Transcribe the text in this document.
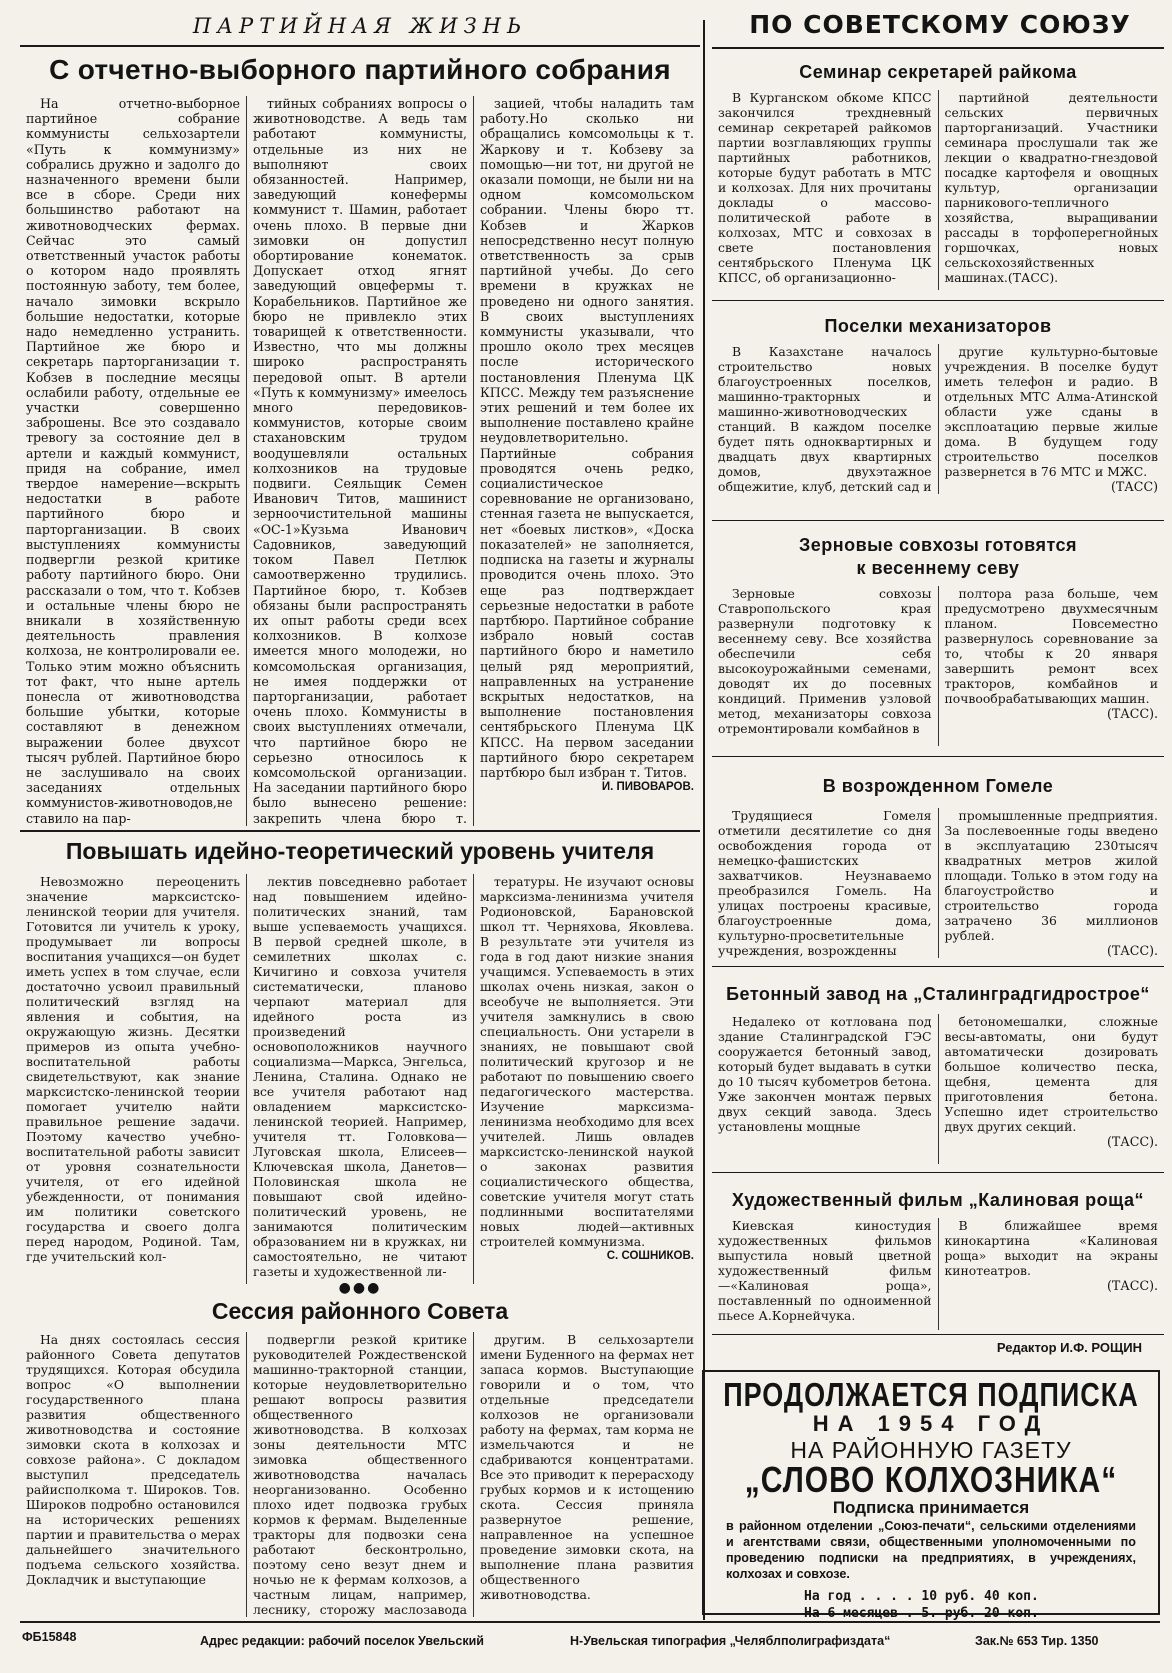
ПАРТИЙНАЯ ЖИЗНЬ	ПО СОВЕТСКОМУ СОЮЗУ
С отчетно-выборного партийного собрания

На отчетно-выборное партийное собрание коммунисты сельхозартели «Путь к коммунизму» собрались дружно и задолго до назначенного времени были все в сборе. Среди них большинство работают на животноводческих фермах. Сейчас это самый ответственный участок работы о котором надо проявлять постоянную заботу, тем более, начало зимовки вскрыло большие недостатки, которые надо немедленно устранить. Партийное же бюро и секретарь парторганизации т. Кобзев в последние месяцы ослабили работу, отдельные ее участки совершенно заброшены. Все это создавало тревогу за состояние дел в артели и каждый коммунист, придя на собрание, имел твердое намерение—вскрыть недостатки в работе партийного бюро и парторганизации. В своих выступлениях коммунисты подвергли резкой критике работу партийного бюро. Они рассказали о том, что т. Кобзев и остальные члены бюро не вникали в хозяйственную деятельность правления колхоза, не контролировали ее. Только этим можно объяснить тот факт, что ныне артель понесла от животноводства большие убытки, которые составляют в денежном выражении более двухсот тысяч рублей. Партийное бюро не заслушивало на своих заседаниях отдельных коммунистов-животноводов,не ставило на пар-

тийных собраниях вопросы о животноводстве. А ведь там работают коммунисты, отдельные из них не выполняют своих обязанностей. Например, заведующий конефермы коммунист т. Шамин, работает очень плохо. В первые дни зимовки он допустил обортирование конематок. Допускает отход ягнят заведующий овцефермы т. Корабельников. Партийное же бюро не привлекло этих товарищей к ответственности. Известно, что мы должны широко распространять передовой опыт. В артели «Путь к коммунизму» имеелось много передовиков-коммунистов, которые своим стахановским трудом воодушевляли остальных колхозников на трудовые подвиги. Сеяльщик Семен Иванович Титов, машинист зерноочистительной машины «ОС-1»Кузьма Иванович Садовников, заведующий током Павел Петлюк самоотверженно трудились. Партийное бюро, т. Кобзев обязаны были распространять их опыт работы среди всех колхозников. В колхозе имеется много молодежи, но комсомольская организация, не имея поддержки от парторганизации, работает очень плохо. Коммунисты в своих выступлениях отмечали, что партийное бюро не серьезно относилось к комсомольской организации. На заседании партийного бюро было вынесено решение: закрепить члена бюро т.

зацией, чтобы наладить там работу.Но сколько ни обращались комсомольцы к т. Жаркову и т. Кобзеву за помощью—ни тот, ни другой не оказали помощи, не были ни на одном комсомольском собрании. Члены бюро тт. Кобзев и Жарков непосредственно несут полную ответственность за срыв партийной учебы. До сего времени в кружках не проведено ни одного занятия. В своих выступлениях коммунисты указывали, что прошло около трех месяцев после исторического постановления Пленума ЦК КПСС. Между тем разъяснение этих решений и тем более их выполнение поставлено крайне неудовлетворительно. Партийные собрания проводятся очень редко, социалистическое соревнование не организовано, стенная газета не выпускается, нет «боевых листков», «Доска показателей» не заполняется, подписка на газеты и журналы проводится очень плохо. Это еще раз подтверждает серьезные недостатки в работе партбюро. Партийное собрание избрало новый состав партийного бюро и наметило целый ряд мероприятий, направленных на устранение вскрытых недостатков, на выполнение постановления сентябрьского Пленума ЦК КПСС. На первом заседании партийного бюро секретарем партбюро был избран т. Титов.

И. ПИВОВАРОВ.
Повышать идейно-теоретический уровень учителя

Невозможно переоценить значение марксистско-ленинской теории для учителя. Готовится ли учитель к уроку, продумывает ли вопросы воспитания учащихся—он будет иметь успех в том случае, если достаточно усвоил правильный политический взгляд на явления и события, на окружающую жизнь. Десятки примеров из опыта учебно-воспитательной работы свидетельствуют, как знание марксистско-ленинской теории помогает учителю найти правильное решение задачи. Поэтому качество учебно-воспитательной работы зависит от уровня сознательности учителя, от его идейной убежденности, от понимания им политики советского государства и своего долга перед народом, Родиной. Там, где учительский кол-

лектив повседневно работает над повышением идейно-политических знаний, там выше успеваемость учащихся. В первой средней школе, в семилетних школах с. Кичигино и совхоза учителя систематически, планово черпают материал для идейного роста из произведений основоположников научного социализма—Маркса, Энгельса, Ленина, Сталина. Однако не все учителя работают над овладением марксистско-ленинской теорией. Например, учителя тт. Головкова—Луговская школа, Елисеев—Ключевская школа, Данетов—Половинская школа не повышают свой идейно-политический уровень, не занимаются политическим образованием ни в кружках, ни самостоятельно, не читают газеты и художественной ли-

тературы. Не изучают основы марксизма-ленинизма учителя Родионовской, Барановской школ тт. Черняхова, Яковлева. В результате эти учителя из года в год дают низкие знания учащимся. Успеваемость в этих школах очень низкая, закон о всеобуче не выполняется. Эти учителя замкнулись в свою специальность. Они устарели в знаниях, не повышают свой политический кругозор и не работают по повышению своего педагогического мастерства. Изучение марксизма-ленинизма необходимо для всех учителей. Лишь овладев марксистско-ленинской наукой о законах развития социалистического общества, советские учителя могут стать подлинными воспитателями новых людей—активных строителей коммунизма.

С. СОШНИКОВ.
●●●
Сессия районного Совета

На днях состоялась сессия районного Совета депутатов трудящихся. Которая обсудила вопрос «О выполнении государственного плана развития общественного животноводства и состояние зимовки скота в колхозах и совхозе района». С докладом выступил председатель райисполкома т. Широков. Тов. Широков подробно остановился на исторических решениях партии и правительства о мерах дальнейшего значительного подъема сельского хозяйства. Докладчик и выступающие

подвергли резкой критике руководителей Рождественской машинно-тракторной станции, которые неудовлетворительно решают вопросы развития общественного животноводства. В колхозах зоны деятельности МТС зимовка общественного животноводства началась неорганизованно. Особенно плохо идет подвозка грубых кормов к фермам. Выделенные тракторы для подвозки сена работают бесконтрольно, поэтому сено везут днем и ночью не к фермам колхозов, а частным лицам, например, леснику, сторожу маслозавода

другим. В сельхозартели имени Буденного на фермах нет запаса кормов. Выступающие говорили и о том, что отдельные председатели колхозов не организовали работу на фермах, там корма не измельчаются и не сдабриваются концентратами. Все это приводит к перерасходу грубых кормов и к истощению скота. Сессия приняла развернутое решение, направленное на успешное проведение зимовки скота, на выполнение плана развития общественного животноводства.

Семинар секретарей райкома

В Курганском обкоме КПСС закончился трехдневный семинар секретарей райкомов партии возглавляющих группы партийных работников, которые будут работать в МТС и колхозах. Для них прочитаны доклады о массово-политической работе в колхозах, МТС и совхозах в свете постановления сентябрьского Пленума ЦК КПСС, об организационно-

партийной деятельности сельских первичных парторганизаций. Участники семинара прослушали так же лекции о квадратно-гнездовой посадке картофеля и овощных культур, организации парникового-тепличного хозяйства, выращивании рассады в торфоперегнойных горшочках, новых сельскохозяйственных машинах.(ТАСС).

Поселки механизаторов

В Казахстане началось строительство новых благоустроенных поселков, машинно-тракторных и машинно-животноводческих станций. В каждом поселке будет пять одноквартирных и двадцать двух квартирных домов, двухэтажное общежитие, клуб, детский сад и

другие культурно-бытовые учреждения. В поселке будут иметь телефон и радио. В отдельных МТС Алма-Атинской области уже сданы в эксплоатацию первые жилые дома. В будущем году строительство поселков развернется в 76 МТС и МЖС.

(ТАСС)
Зерновые совхозы готовятся
к весеннему севу

Зерновые совхозы Ставропольского края развернули подготовку к весеннему севу. Все хозяйства обеспечили себя высокоурожайными семенами, доводят их до посевных кондиций. Применив узловой метод, механизаторы совхоза отремонтировали комбайнов в

полтора раза больше, чем предусмотрено двухмесячным планом. Повсеместно развернулось соревнование за то, чтобы к 20 января завершить ремонт всех тракторов, комбайнов и почвообрабатывающих машин.

(ТАСС).
В возрожденном Гомеле

Трудящиеся Гомеля отметили десятилетие со дня освобождения города от немецко-фашистских захватчиков. Неузнаваемо преобразился Гомель. На улицах построены красивые, благоустроенные дома, культурно-просветительные учреждения, возрожденны

промышленные предприятия. За послевоенные годы введено в эксплуатацию 230тысяч квадратных метров жилой площади. Только в этом году на благоустройство и строительство города затрачено 36 миллионов рублей.

(ТАСС).
Бетонный завод на „Сталинградгидрострое“

Недалеко от котлована под здание Сталинградской ГЭС сооружается бетонный завод, который будет выдавать в сутки до 10 тысяч кубометров бетона. Уже закончен монтаж первых двух секций завода. Здесь установлены мощные

бетономешалки, сложные весы-автоматы, они будут автоматически дозировать большое количество песка, щебня, цемента для приготовления бетона. Успешно идет строительство двух других секций.

(ТАСС).
Художественный фильм „Калиновая роща“

Киевская киностудия художественных фильмов выпустила новый цветной художественный фильм—«Калиновая роща», поставленный по одноименной пьесе А.Корнейчука.

В ближайшее время кинокартина «Калиновая роща» выходит на экраны кинотеатров.

(ТАСС).
Редактор И.Ф. РОЩИН
ПРОДОЛЖАЕТСЯ ПОДПИСКА
НА 1954 ГОД
НА РАЙОННУЮ ГАЗЕТУ
„СЛОВО КОЛХОЗНИКА“
Подписка принимается
в районном отделении „Союз-печати“, сельскими отделениями и агентствами связи, общественными уполномоченными по проведению подписки на предприятиях, в учреждениях, колхозах и совхозе.
На год . . . . 10 руб. 40 коп.
На 6 месяцев . 5. руб. 20 коп.
ФБ15848	Адрес редакции: рабочий поселок Увельский	Н-Увельская типография „Челяблполиграфиздата“	Зак.№ 653 Тир. 1350
